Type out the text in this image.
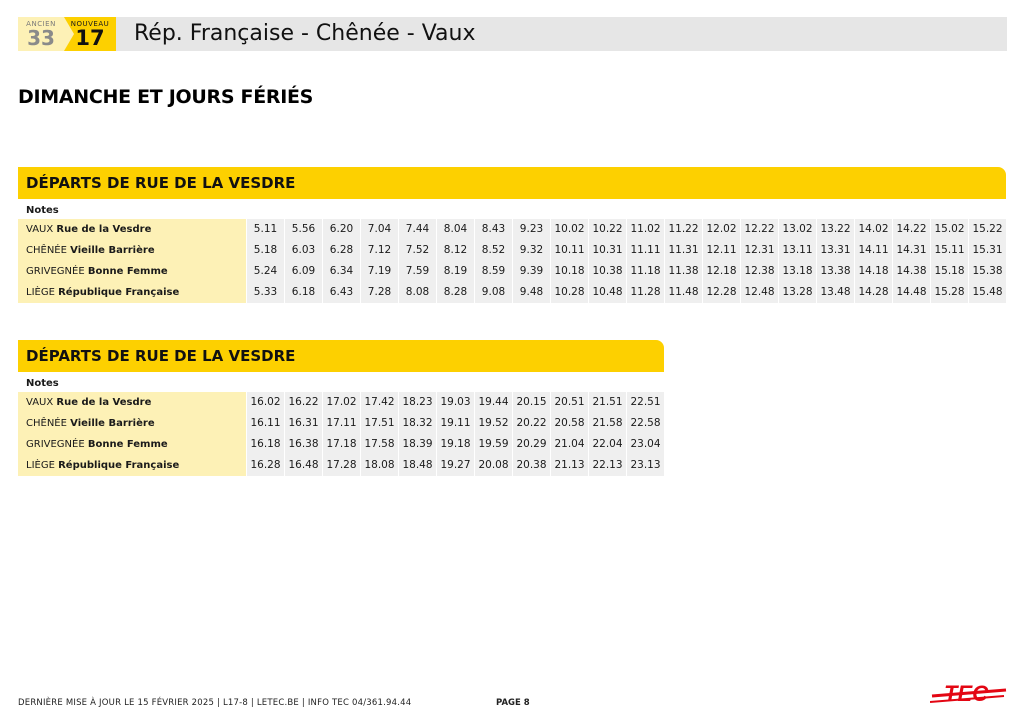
ANCIEN
33
NOUVEAU
17	Rép. Française - Chênée - Vaux
DIMANCHE ET JOURS FÉRIÉS
DÉPARTS DE RUE DE LA VESDRE
Notes
VAUX Rue de la Vesdre	5.11	5.56	6.20	7.04	7.44	8.04	8.43	9.23	10.02 10.22 11.02 11.22 12.02 12.22 13.02 13.22 14.02 14.22 15.02 15.22
CHÊNÉE Vieille Barrière	5.18	6.03	6.28	7.12	7.52	8.12	8.52	9.32	10.11 10.31 11.11 11.31 12.11 12.31 13.11 13.31 14.11 14.31 15.11 15.31
GRIVEGNÉE Bonne Femme	5.24	6.09	6.34	7.19	7.59	8.19	8.59	9.39	10.18 10.38 11.18 11.38 12.18 12.38 13.18 13.38 14.18 14.38 15.18 15.38
LIÈGE République Française	5.33	6.18	6.43	7.28	8.08	8.28	9.08	9.48	10.28 10.48 11.28 11.48 12.28 12.48 13.28 13.48 14.28 14.48 15.28 15.48
DÉPARTS DE RUE DE LA VESDRE
Notes
VAUX Rue de la Vesdre	16.02 16.22 17.02 17.42 18.23 19.03 19.44 20.15 20.51 21.51 22.51
CHÊNÉE Vieille Barrière	16.11 16.31 17.11 17.51 18.32 19.11 19.52 20.22 20.58 21.58 22.58
GRIVEGNÉE Bonne Femme	16.18 16.38 17.18 17.58 18.39 19.18 19.59 20.29 21.04 22.04 23.04
LIÈGE République Française	16.28 16.48 17.28 18.08 18.48 19.27 20.08 20.38 21.13 22.13 23.13
DERNIÈRE MISE À JOUR LE 15 FÉVRIER 2025 | L17-8 | LETEC.BE | INFO TEC 04/361.94.44	PAGE 8	TEC
